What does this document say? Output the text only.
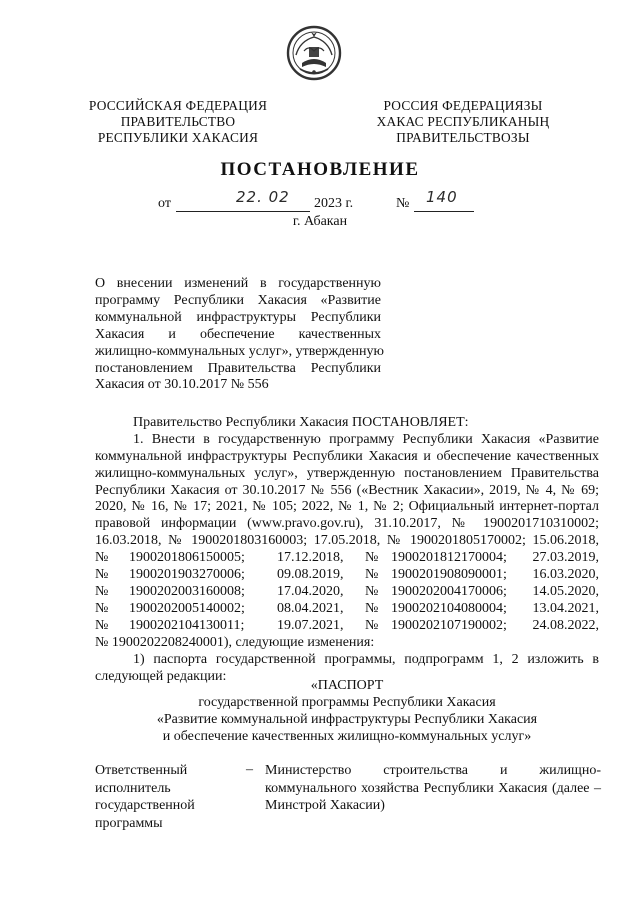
РОССИЙСКАЯ ФЕДЕРАЦИЯ
ПРАВИТЕЛЬСТВО
РЕСПУБЛИКИ ХАКАСИЯ
РОССИЯ ФЕДЕРАЦИЯЗЫ
ХАКАС РЕСПУБЛИКАНЫҢ
ПРАВИТЕЛЬСТВОЗЫ
ПОСТАНОВЛЕНИЕ
от	22. 02 2023 г.	№ 140
г. Абакан
О внесении изменений в государственную
программу Республики Хакасия «Развитие
коммунальной инфраструктуры Республики
Хакасия и обеспечение качественных
жилищно-коммунальных услуг», утвержденную
постановлением Правительства Республики
Хакасия от 30.10.2017 № 556
Правительство Республики Хакасия ПОСТАНОВЛЯЕТ:
1. Внести в государственную программу Республики Хакасия «Развитие
коммунальной инфраструктуры Республики Хакасия и обеспечение качественных
жилищно-коммунальных услуг», утвержденную постановлением Правительства
Республики Хакасия от 30.10.2017 № 556 («Вестник Хакасии», 2019, № 4, № 69;
2020, № 16, № 17; 2021, № 105; 2022, № 1, № 2; Официальный интернет-портал
правовой информации (www.pravo.gov.ru), 31.10.2017, № 1900201710310002;
16.03.2018, № 1900201803160003; 17.05.2018, № 1900201805170002; 15.06.2018,
№	1900201806150005;	17.12.2018,	№	1900201812170004;	27.03.2019,
№	1900201903270006;	09.08.2019,	№	1900201908090001;	16.03.2020,
№	1900202003160008;	17.04.2020,	№	1900202004170006;	14.05.2020,
№	1900202005140002;	08.04.2021,	№	1900202104080004;	13.04.2021,
№	1900202104130011;	19.07.2021,	№	1900202107190002;	24.08.2022,
№ 1900202208240001), следующие изменения:
1) паспорта государственной программы, подпрограмм 1, 2 изложить в
следующей редакции:
«ПАСПОРТ
государственной программы Республики Хакасия
«Развитие коммунальной инфраструктуры Республики Хакасия
и обеспечение качественных жилищно-коммунальных услуг»
Ответственный
исполнитель
государственной
программы
– Министерство строительства и жилищно-
коммунального хозяйства Республики Хакасия (далее –
Минстрой Хакасии)
